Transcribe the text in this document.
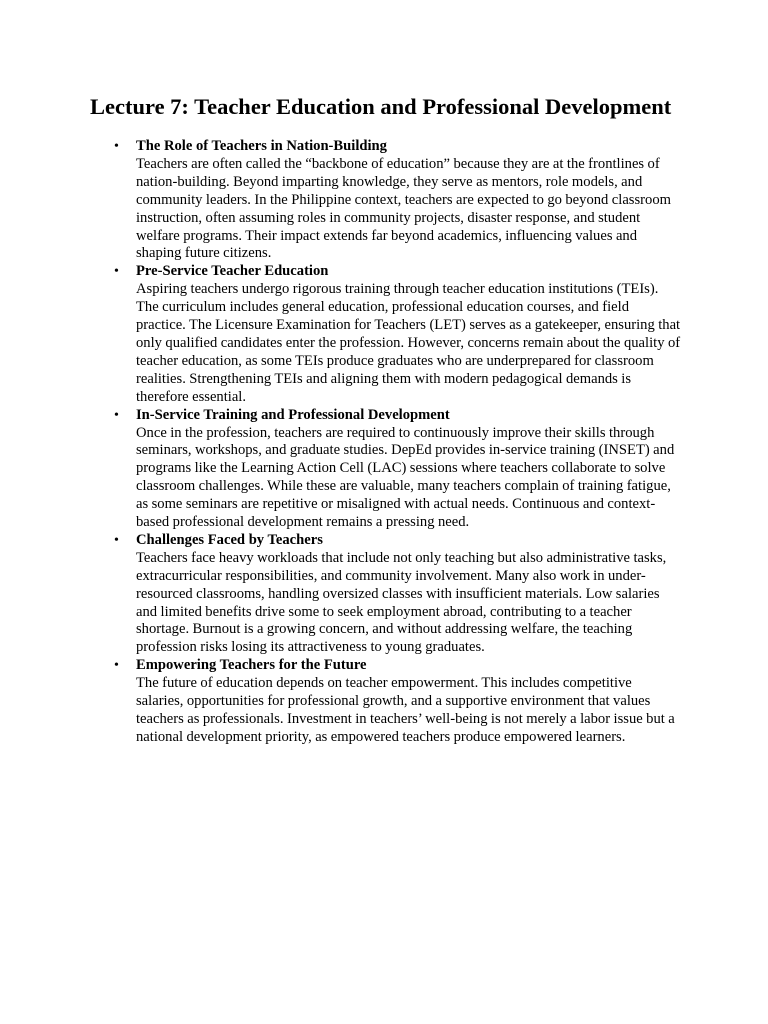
Lecture 7: Teacher Education and Professional Development
• The Role of Teachers in Nation-Building
Teachers are often called the “backbone of education” because they are at the frontlines of nation-building. Beyond imparting knowledge, they serve as mentors, role models, and community leaders. In the Philippine context, teachers are expected to go beyond classroom instruction, often assuming roles in community projects, disaster response, and student welfare programs. Their impact extends far beyond academics, influencing values and shaping future citizens.
• Pre-Service Teacher Education
Aspiring teachers undergo rigorous training through teacher education institutions (TEIs). The curriculum includes general education, professional education courses, and field practice. The Licensure Examination for Teachers (LET) serves as a gatekeeper, ensuring that only qualified candidates enter the profession. However, concerns remain about the quality of teacher education, as some TEIs produce graduates who are underprepared for classroom realities. Strengthening TEIs and aligning them with modern pedagogical demands is therefore essential.
• In-Service Training and Professional Development
Once in the profession, teachers are required to continuously improve their skills through seminars, workshops, and graduate studies. DepEd provides in-service training (INSET) and programs like the Learning Action Cell (LAC) sessions where teachers collaborate to solve classroom challenges. While these are valuable, many teachers complain of training fatigue, as some seminars are repetitive or misaligned with actual needs. Continuous and context-based professional development remains a pressing need.
• Challenges Faced by Teachers
Teachers face heavy workloads that include not only teaching but also administrative tasks, extracurricular responsibilities, and community involvement. Many also work in under-resourced classrooms, handling oversized classes with insufficient materials. Low salaries and limited benefits drive some to seek employment abroad, contributing to a teacher shortage. Burnout is a growing concern, and without addressing welfare, the teaching profession risks losing its attractiveness to young graduates.
• Empowering Teachers for the Future
The future of education depends on teacher empowerment. This includes competitive salaries, opportunities for professional growth, and a supportive environment that values teachers as professionals. Investment in teachers’ well-being is not merely a labor issue but a national development priority, as empowered teachers produce empowered learners.
